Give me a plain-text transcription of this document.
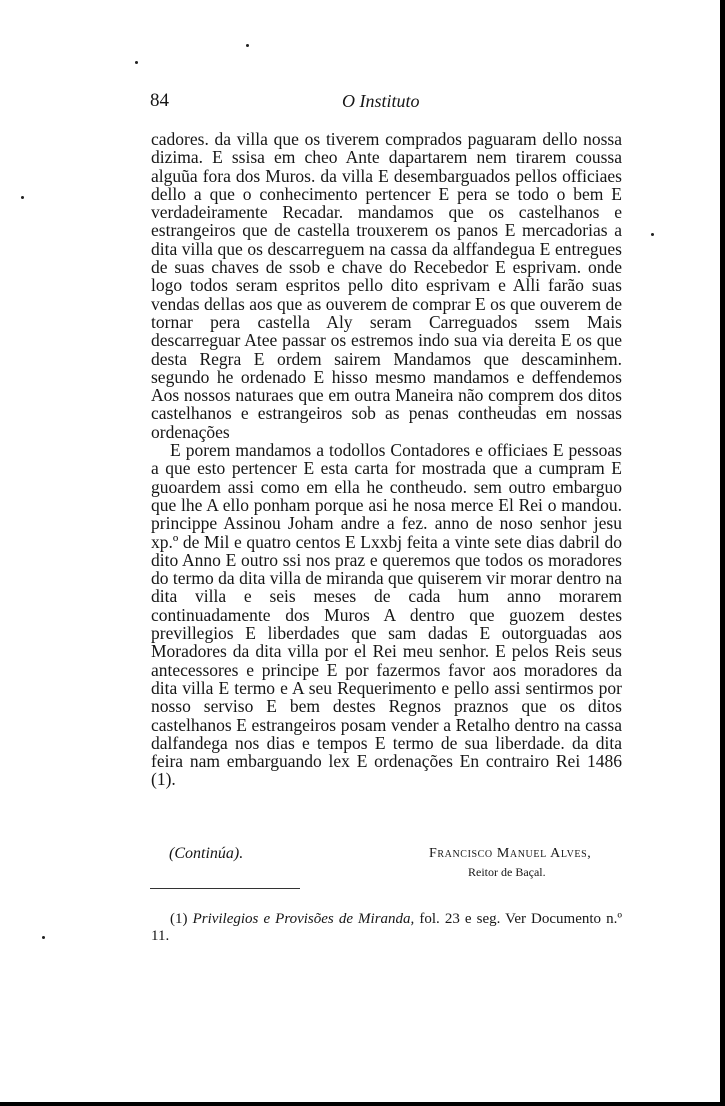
84	O Instituto

cadores. da villa que os tiverem comprados paguaram dello nossa dizima. E ssisa em cheo Ante dapartarem nem tirarem coussa alguũa fora dos Muros. da villa E desembarguados pellos officiaes dello a que o conhecimento pertencer E pera se todo o bem E verdadeiramente Recadar. mandamos que os castelhanos e estrangeiros que de castella trouxerem os panos E mercadorias a dita villa que os descarreguem na cassa da alffandegua E entregues de suas chaves de ssob e chave do Recebedor E esprivam. onde logo todos seram espritos pello dito esprivam e Alli farão suas vendas dellas aos que as ouverem de comprar E os que ouverem de tornar pera castella Aly seram Carreguados ssem Mais descarreguar Atee passar os estremos indo sua via dereita E os que desta Regra E ordem sairem Mandamos que descaminhem. segundo he ordenado E hisso mesmo mandamos e deffendemos Aos nossos naturaes que em outra Maneira não comprem dos ditos castelhanos e estrangeiros sob as penas contheudas em nossas ordenações

E porem mandamos a todollos Contadores e officiaes E pessoas a que esto pertencer E esta carta for mostrada que a cumpram E guoardem assi como em ella he contheudo. sem outro embarguo que lhe A ello ponham porque asi he nosa merce El Rei o mandou. princippe Assinou Joham andre a fez. anno de noso senhor jesu xp.º de Mil e quatro centos E Lxxbj feita a vinte sete dias dabril do dito Anno E outro ssi nos praz e queremos que todos os moradores do termo da dita villa de miranda que quiserem vir morar dentro na dita villa e seis meses de cada hum anno morarem continuadamente dos Muros A dentro que guozem destes previllegios E liberdades que sam dadas E outorguadas aos Moradores da dita villa por el Rei meu senhor. E pelos Reis seus antecessores e principe E por fazermos favor aos moradores da dita villa E termo e A seu Requerimento e pello assi sentirmos por nosso serviso E bem destes Regnos praznos que os ditos castelhanos E estrangeiros posam vender a Retalho dentro na cassa dalfandega nos dias e tempos E termo de sua liberdade. da dita feira nam embarguando lex E ordenações En contrairo Rei 1486 (1).

(Continúa).	Francisco Manuel Alves,
Reitor de Baçal.
(1) Privilegios e Provisões de Miranda, fol. 23 e seg. Ver Documento n.º 11.
